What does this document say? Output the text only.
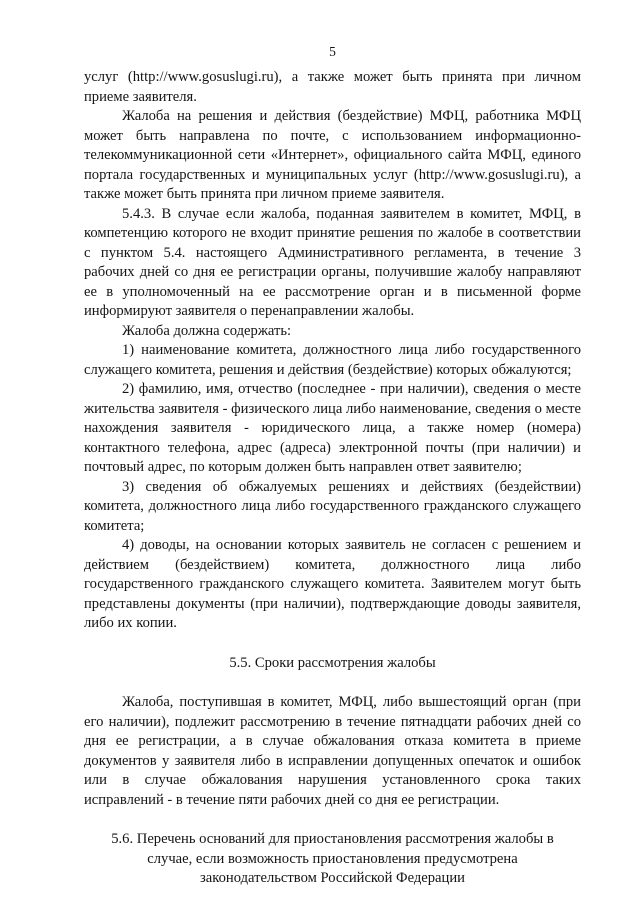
5

услуг (http://www.gosuslugi.ru), а также может быть принята при личном приеме заявителя.

Жалоба на решения и действия (бездействие) МФЦ, работника МФЦ может быть направлена по почте, с использованием информационно-телекоммуникационной сети «Интернет», официального сайта МФЦ, единого портала государственных и муниципальных услуг (http://www.gosuslugi.ru), а также может быть принята при личном приеме заявителя.

5.4.3. В случае если жалоба, поданная заявителем в комитет, МФЦ, в компетенцию которого не входит принятие решения по жалобе в соответствии с пунктом 5.4. настоящего Административного регламента, в течение 3 рабочих дней со дня ее регистрации органы, получившие жалобу направляют ее в уполномоченный на ее рассмотрение орган и в письменной форме информируют заявителя о перенаправлении жалобы.

Жалоба должна содержать:

1) наименование комитета, должностного лица либо государственного служащего комитета, решения и действия (бездействие) которых обжалуются;

2) фамилию, имя, отчество (последнее - при наличии), сведения о месте жительства заявителя - физического лица либо наименование, сведения о месте нахождения заявителя - юридического лица, а также номер (номера) контактного телефона, адрес (адреса) электронной почты (при наличии) и почтовый адрес, по которым должен быть направлен ответ заявителю;

3) сведения об обжалуемых решениях и действиях (бездействии) комитета, должностного лица либо государственного гражданского служащего комитета;

4) доводы, на основании которых заявитель не согласен с решением и действием (бездействием) комитета, должностного лица либо государственного гражданского служащего комитета. Заявителем могут быть представлены документы (при наличии), подтверждающие доводы заявителя, либо их копии.

5.5. Сроки рассмотрения жалобы

Жалоба, поступившая в комитет, МФЦ, либо вышестоящий орган (при его наличии), подлежит рассмотрению в течение пятнадцати рабочих дней со дня ее регистрации, а в случае обжалования отказа комитета в приеме документов у заявителя либо в исправлении допущенных опечаток и ошибок или в случае обжалования нарушения установленного срока таких исправлений - в течение пяти рабочих дней со дня ее регистрации.

5.6. Перечень оснований для приостановления рассмотрения жалобы в
случае, если возможность приостановления предусмотрена
законодательством Российской Федерации
